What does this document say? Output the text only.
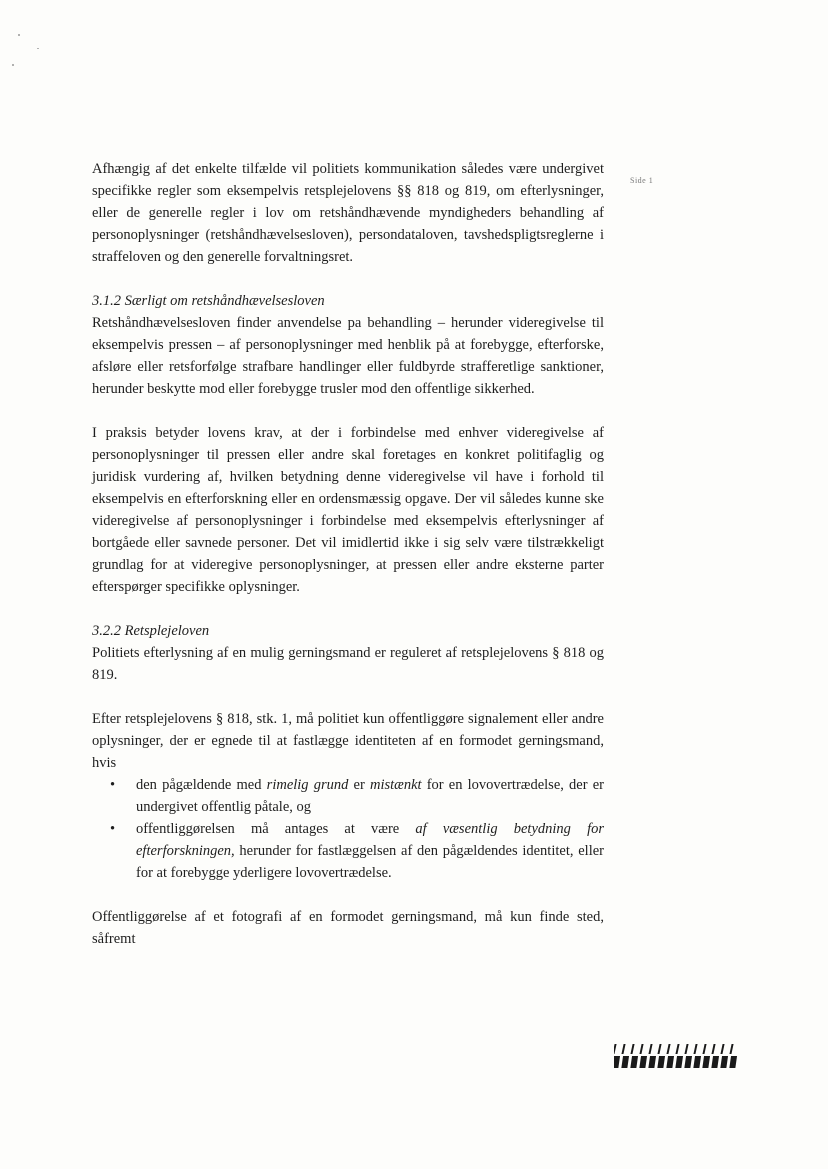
Side 1

Afhængig af det enkelte tilfælde vil politiets kommunikation således være undergivet specifikke regler som eksempelvis retsplejelovens §§ 818 og 819, om efterlysninger, eller de generelle regler i lov om retshåndhævende myndigheders behandling af personoplysninger (retshåndhævelsesloven), persondataloven, tavshedspligtsreglerne i straffeloven og den generelle forvaltningsret.

3.1.2 Særligt om retshåndhævelsesloven

Retshåndhævelsesloven finder anvendelse pa behandling – herunder videregivelse til eksempelvis pressen – af personoplysninger med henblik på at forebygge, efterforske, afsløre eller retsforfølge strafbare handlinger eller fuldbyrde strafferetlige sanktioner, herunder beskytte mod eller forebygge trusler mod den offentlige sikkerhed.

I praksis betyder lovens krav, at der i forbindelse med enhver videregivelse af personoplysninger til pressen eller andre skal foretages en konkret politifaglig og juridisk vurdering af, hvilken betydning denne videregivelse vil have i forhold til eksempelvis en efterforskning eller en ordensmæssig opgave. Der vil således kunne ske videregivelse af personoplysninger i forbindelse med eksempelvis efterlysninger af bortgåede eller savnede personer. Det vil imidlertid ikke i sig selv være tilstrækkeligt grundlag for at videregive personoplysninger, at pressen eller andre eksterne parter efterspørger specifikke oplysninger.

3.2.2 Retsplejeloven

Politiets efterlysning af en mulig gerningsmand er reguleret af retsplejelovens § 818 og 819.

Efter retsplejelovens § 818, stk. 1, må politiet kun offentliggøre signalement eller andre oplysninger, der er egnede til at fastlægge identiteten af en formodet gerningsmand, hvis

• den pågældende med rimelig grund er mistænkt for en lovovertrædelse, der er undergivet offentlig påtale, og
• offentliggørelsen må antages at være af væsentlig betydning for efterforskningen, herunder for fastlæggelsen af den pågældendes identitet, eller for at forebygge yderligere lovovertrædelse.

Offentliggørelse af et fotografi af en formodet gerningsmand, må kun finde sted, såfremt
